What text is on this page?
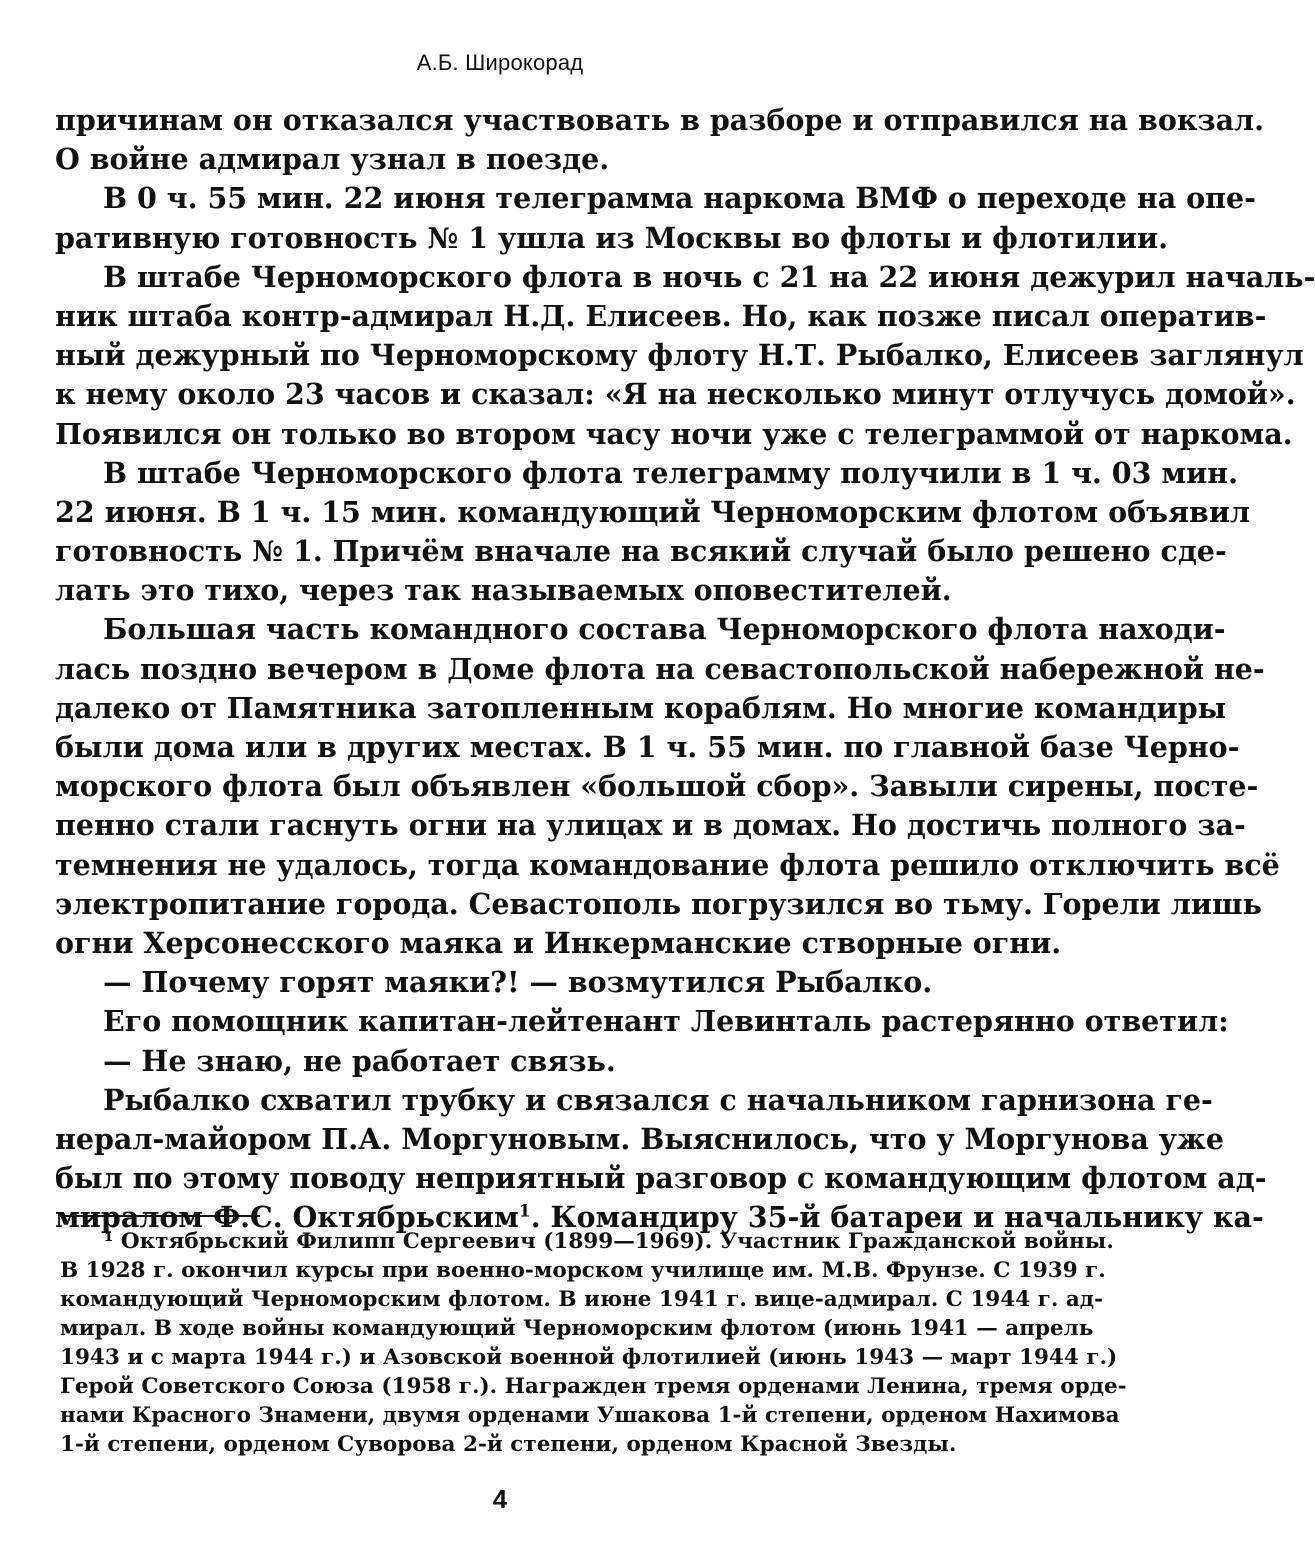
А.Б. Широкорад
причинам он отказался участвовать в разборе и отправился на вокзал.
О войне адмирал узнал в поезде.
В 0 ч. 55 мин. 22 июня телеграмма наркома ВМФ о переходе на опе-
ративную готовность № 1 ушла из Москвы во флоты и флотилии.
В штабе Черноморского флота в ночь с 21 на 22 июня дежурил началь-
ник штаба контр-адмирал Н.Д. Елисеев. Но, как позже писал оператив-
ный дежурный по Черноморскому флоту Н.Т. Рыбалко, Елисеев заглянул
к нему около 23 часов и сказал: «Я на несколько минут отлучусь домой».
Появился он только во втором часу ночи уже с телеграммой от наркома.
В штабе Черноморского флота телеграмму получили в 1 ч. 03 мин.
22 июня. В 1 ч. 15 мин. командующий Черноморским флотом объявил
готовность № 1. Причём вначале на всякий случай было решено сде-
лать это тихо, через так называемых оповестителей.
Большая часть командного состава Черноморского флота находи-
лась поздно вечером в Доме флота на севастопольской набережной не-
далеко от Памятника затопленным кораблям. Но многие командиры
были дома или в других местах. В 1 ч. 55 мин. по главной базе Черно-
морского флота был объявлен «большой сбор». Завыли сирены, посте-
пенно стали гаснуть огни на улицах и в домах. Но достичь полного за-
темнения не удалось, тогда командование флота решило отключить всё
электропитание города. Севастополь погрузился во тьму. Горели лишь
огни Херсонесского маяка и Инкерманские створные огни.
— Почему горят маяки?! — возмутился Рыбалко.
Его помощник капитан-лейтенант Левинталь растерянно ответил:
— Не знаю, не работает связь.
Рыбалко схватил трубку и связался с начальником гарнизона ге-
нерал-майором П.А. Моргуновым. Выяснилось, что у Моргунова уже
был по этому поводу неприятный разговор с командующим флотом ад-
миралом Ф.С. Октябрьским$^1$. Командиру 35-й батареи и начальнику ка-
¹ Октябрьский Филипп Сергеевич (1899—1969). Участник Гражданской войны.
В 1928 г. окончил курсы при военно-морском училище им. М.В. Фрунзе. С 1939 г.
командующий Черноморским флотом. В июне 1941 г. вице-адмирал. С 1944 г. ад-
мирал. В ходе войны командующий Черноморским флотом (июнь 1941 — апрель
1943 и с марта 1944 г.) и Азовской военной флотилией (июнь 1943 — март 1944 г.)
Герой Советского Союза (1958 г.). Награжден тремя орденами Ленина, тремя орде-
нами Красного Знамени, двумя орденами Ушакова 1-й степени, орденом Нахимова
1-й степени, орденом Суворова 2-й степени, орденом Красной Звезды.
4
